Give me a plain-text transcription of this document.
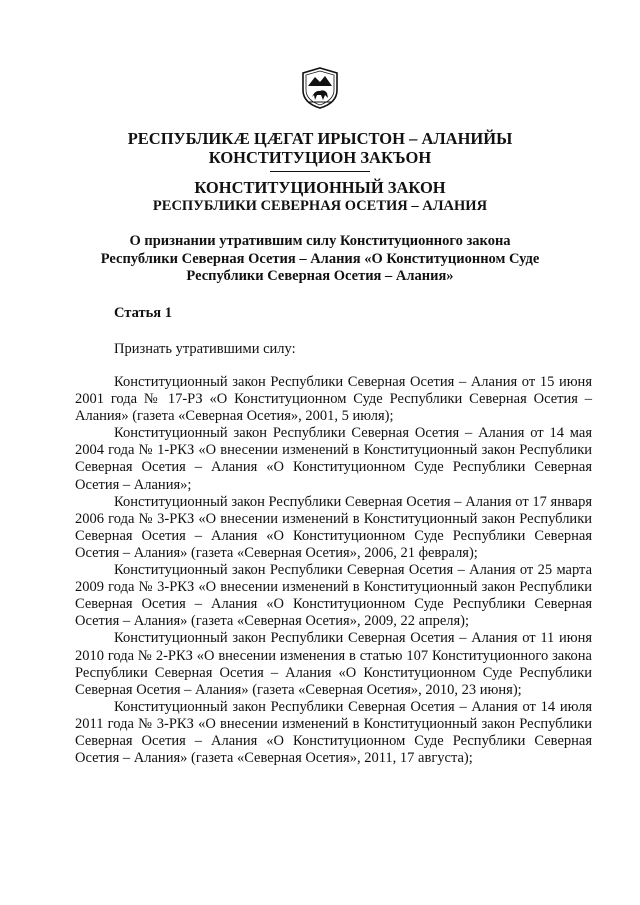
РЕСПУБЛИКÆ ЦÆГАТ ИРЫСТОН – АЛАНИЙЫ
КОНСТИТУЦИОН ЗАКЪОН
КОНСТИТУЦИОННЫЙ ЗАКОН
РЕСПУБЛИКИ СЕВЕРНАЯ ОСЕТИЯ – АЛАНИЯ
О признании утратившим силу Конституционного закона
Республики Северная Осетия – Алания «О Конституционном Суде
Республики Северная Осетия – Алания»
Статья 1
Признать утратившими силу:

Конституционный закон Республики Северная Осетия – Алания от 15 июня 2001 года № 17-РЗ «О Конституционном Суде Республики Северная Осетия – Алания» (газета «Северная Осетия», 2001, 5 июля);

Конституционный закон Республики Северная Осетия – Алания от 14 мая 2004 года № 1-РКЗ «О внесении изменений в Конституционный закон Республики Северная Осетия – Алания «О Конституционном Суде Республики Северная Осетия – Алания»;

Конституционный закон Республики Северная Осетия – Алания от 17 января 2006 года № 3-РКЗ «О внесении изменений в Конституционный закон Республики Северная Осетия – Алания «О Конституционном Суде Республики Северная Осетия – Алания» (газета «Северная Осетия», 2006, 21 февраля);

Конституционный закон Республики Северная Осетия – Алания от 25 марта 2009 года № 3-РКЗ «О внесении изменений в Конституционный закон Республики Северная Осетия – Алания «О Конституционном Суде Республики Северная Осетия – Алания» (газета «Северная Осетия», 2009, 22 апреля);

Конституционный закон Республики Северная Осетия – Алания от 11 июня 2010 года № 2-РКЗ «О внесении изменения в статью 107 Конституционного закона Республики Северная Осетия – Алания «О Конституционном Суде Республики Северная Осетия – Алания» (газета «Северная Осетия», 2010, 23 июня);

Конституционный закон Республики Северная Осетия – Алания от 14 июля 2011 года № 3-РКЗ «О внесении изменений в Конституционный закон Республики Северная Осетия – Алания «О Конституционном Суде Республики Северная Осетия – Алания» (газета «Северная Осетия», 2011, 17 августа);
